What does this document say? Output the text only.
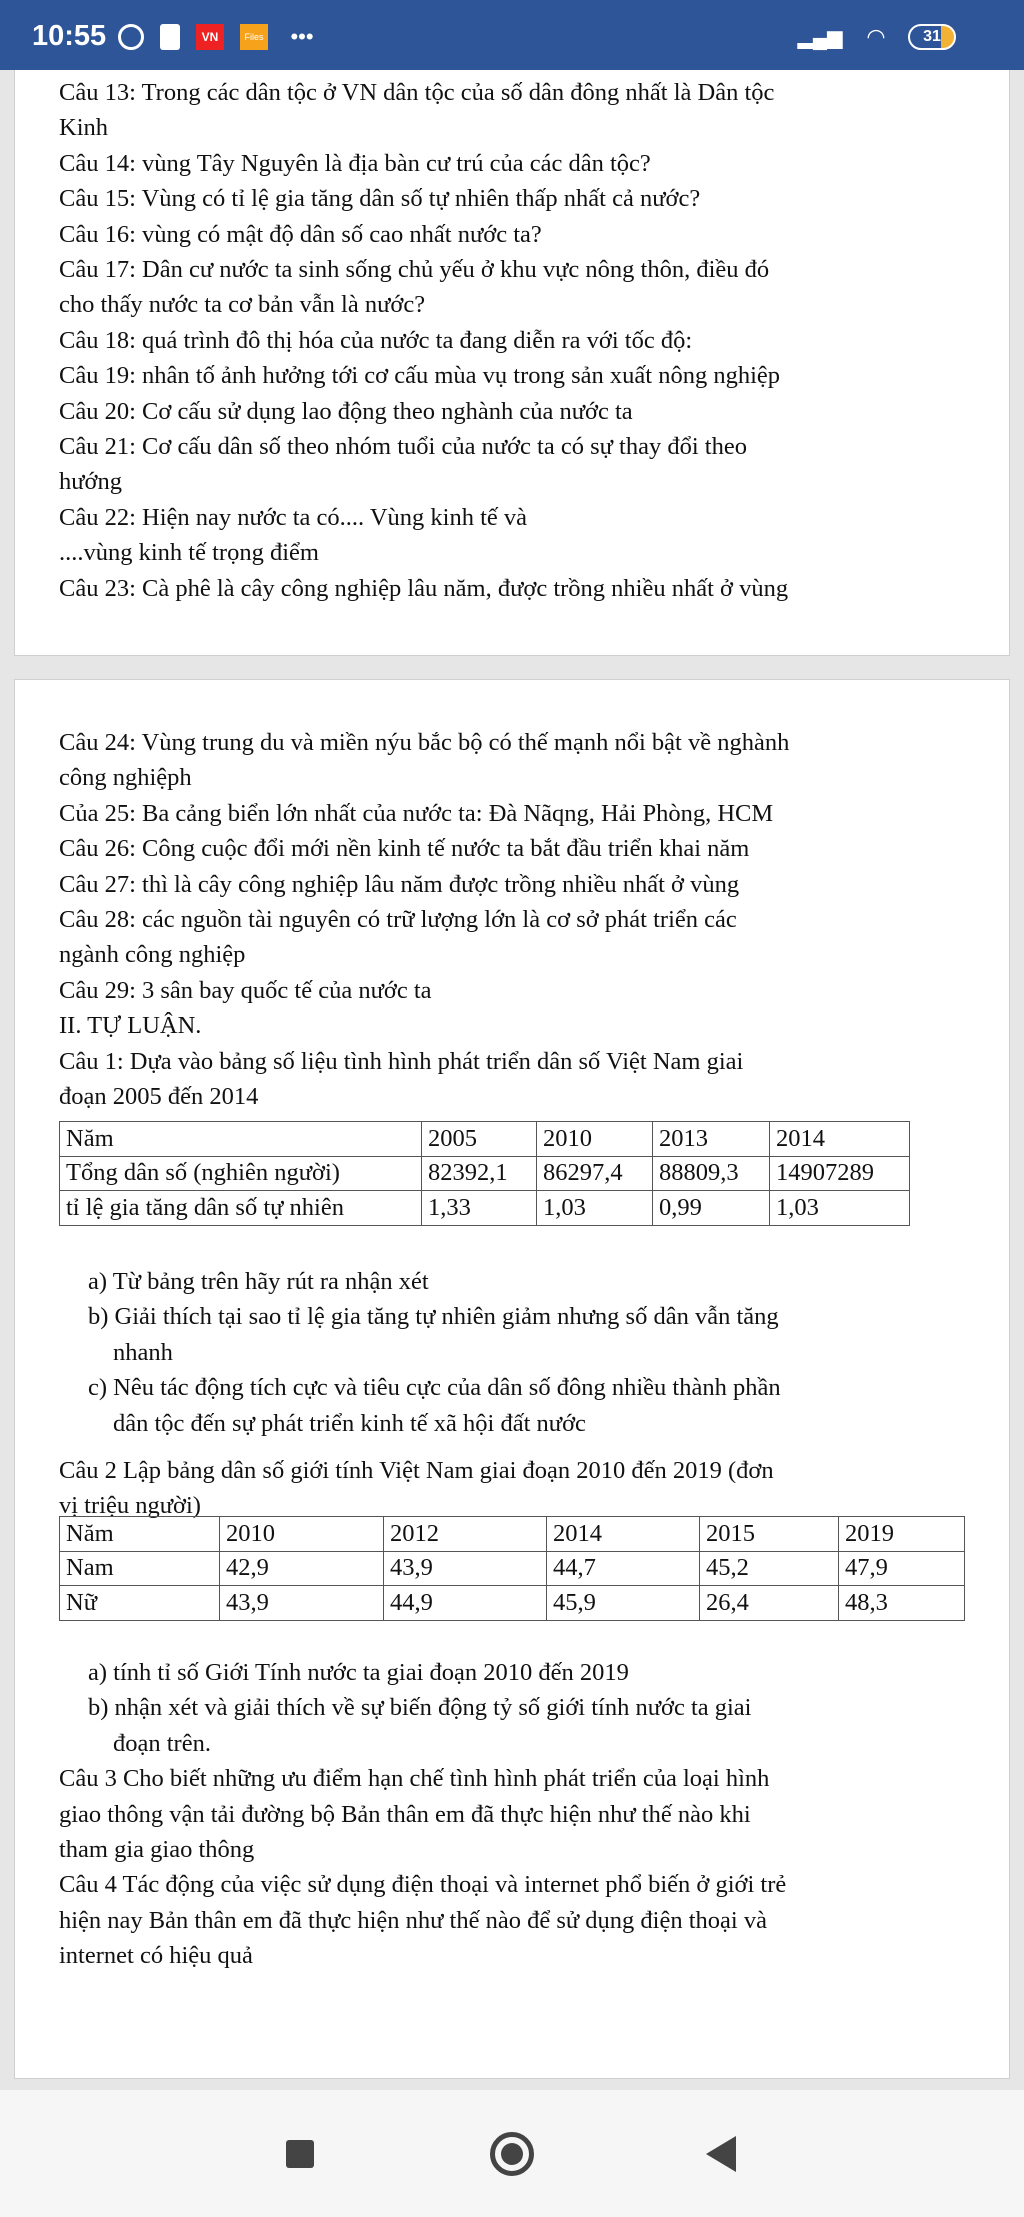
10:55	VN	Files	•••	▂▄▆ ◠	31
Câu 13: Trong các dân tộc ở VN dân tộc của số dân đông nhất là Dân tộc
Kinh
Câu 14: vùng Tây Nguyên là địa bàn cư trú của các dân tộc?
Câu 15: Vùng có tỉ lệ gia tăng dân số tự nhiên thấp nhất cả nước?
Câu 16: vùng có mật độ dân số cao nhất nước ta?
Câu 17: Dân cư nước ta sinh sống chủ yếu ở khu vực nông thôn, điều đó
cho thấy nước ta cơ bản vẫn là nước?
Câu 18: quá trình đô thị hóa của nước ta đang diễn ra với tốc độ:
Câu 19: nhân tố ảnh hưởng tới cơ cấu mùa vụ trong sản xuất nông nghiệp
Câu 20: Cơ cấu sử dụng lao động theo nghành của nước ta
Câu 21: Cơ cấu dân số theo nhóm tuổi của nước ta có sự thay đổi theo
hướng
Câu 22: Hiện nay nước ta có.... Vùng kinh tế và
....vùng kinh tế trọng điểm
Câu 23: Cà phê là cây công nghiệp lâu năm, được trồng nhiều nhất ở vùng
Câu 24: Vùng trung du và miền nýu bắc bộ có thế mạnh nổi bật về nghành
công nghiệph
Của 25: Ba cảng biển lớn nhất của nước ta: Đà Nãqng, Hải Phòng, HCM
Câu 26: Công cuộc đổi mới nền kinh tế nước ta bắt đầu triển khai năm
Câu 27: thì là cây công nghiệp lâu năm được trồng nhiều nhất ở vùng
Câu 28: các nguồn tài nguyên có trữ lượng lớn là cơ sở phát triển các
ngành công nghiệp
Câu 29: 3 sân bay quốc tế của nước ta
II. TỰ LUẬN.
Câu 1: Dựa vào bảng số liệu tình hình phát triển dân số Việt Nam giai
đoạn 2005 đến 2014
a) Từ bảng trên hãy rút ra nhận xét
b) Giải thích tại sao tỉ lệ gia tăng tự nhiên giảm nhưng số dân vẫn tăng
nhanh
c) Nêu tác động tích cực và tiêu cực của dân số đông nhiều thành phần
dân tộc đến sự phát triển kinh tế xã hội đất nước
Câu 2 Lập bảng dân số giới tính Việt Nam giai đoạn 2010 đến 2019 (đơn
vị triệu người)
a) tính tỉ số Giới Tính nước ta giai đoạn 2010 đến 2019
b) nhận xét và giải thích về sự biến động tỷ số giới tính nước ta giai
đoạn trên.
Câu 3 Cho biết những ưu điểm hạn chế tình hình phát triển của loại hình
giao thông vận tải đường bộ Bản thân em đã thực hiện như thế nào khi
tham gia giao thông
Câu 4 Tác động của việc sử dụng điện thoại và internet phổ biến ở giới trẻ
hiện nay Bản thân em đã thực hiện như thế nào để sử dụng điện thoại và
internet có hiệu quả
Năm	2005	2010	2013	2014
Tổng dân số (nghiên người)	82392,1	86297,4	88809,3	14907289
tỉ lệ gia tăng dân số tự nhiên	1,33	1,03	0,99	1,03
Năm	2010	2012	2014	2015	2019
Nam	42,9	43,9	44,7	45,2	47,9
Nữ	43,9	44,9	45,9	26,4	48,3
